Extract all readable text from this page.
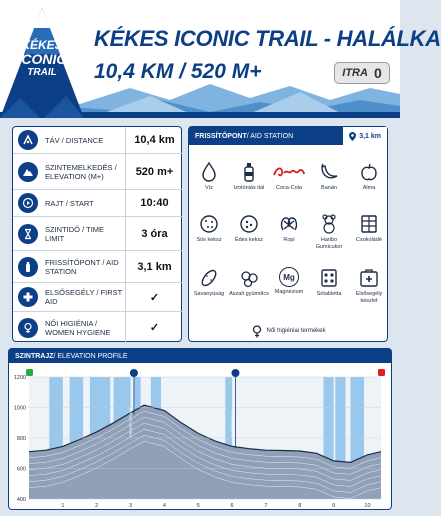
KÉKES
ICONIC
TRAIL
KÉKES ICONIC TRAIL - HALÁLKA
10,4 KM / 520 M+	ITRA 0
TÁV / DISTANCE	10,4 km
SZINTEMELKEDÉS / ELEVATION (M+)	520 m+
RAJT / START	10:40
SZINTIDŐ / TIME LIMIT	3 óra
FRISSÍTŐPONT / AID STATION	3,1 km
ELSŐSEGÉLY / FIRST AID	✓
NŐI HIGIÉNIA / WOMEN HYGIENE	✓
FRISSÍTŐPONT / AID STATION	3,1 km
Víz	Izotóniás ital	Coca-Cola	Banán	Alma
Sós keksz	Édes keksz	Ropi	Haribo Gumicukor
Csokoládé
Savanyúság Aszalt gyümölcs
Mg
Magnézium	Sótabletta	Elsősegély készlet
Női higiéniai termékek
SZINTRAJZ / ELEVATION PROFILE
400
600
800
1000
1200
1	2	3	4	5	6	7	8	9	10
FRISSÍTŐPONT	ELSŐSEGÉLY
